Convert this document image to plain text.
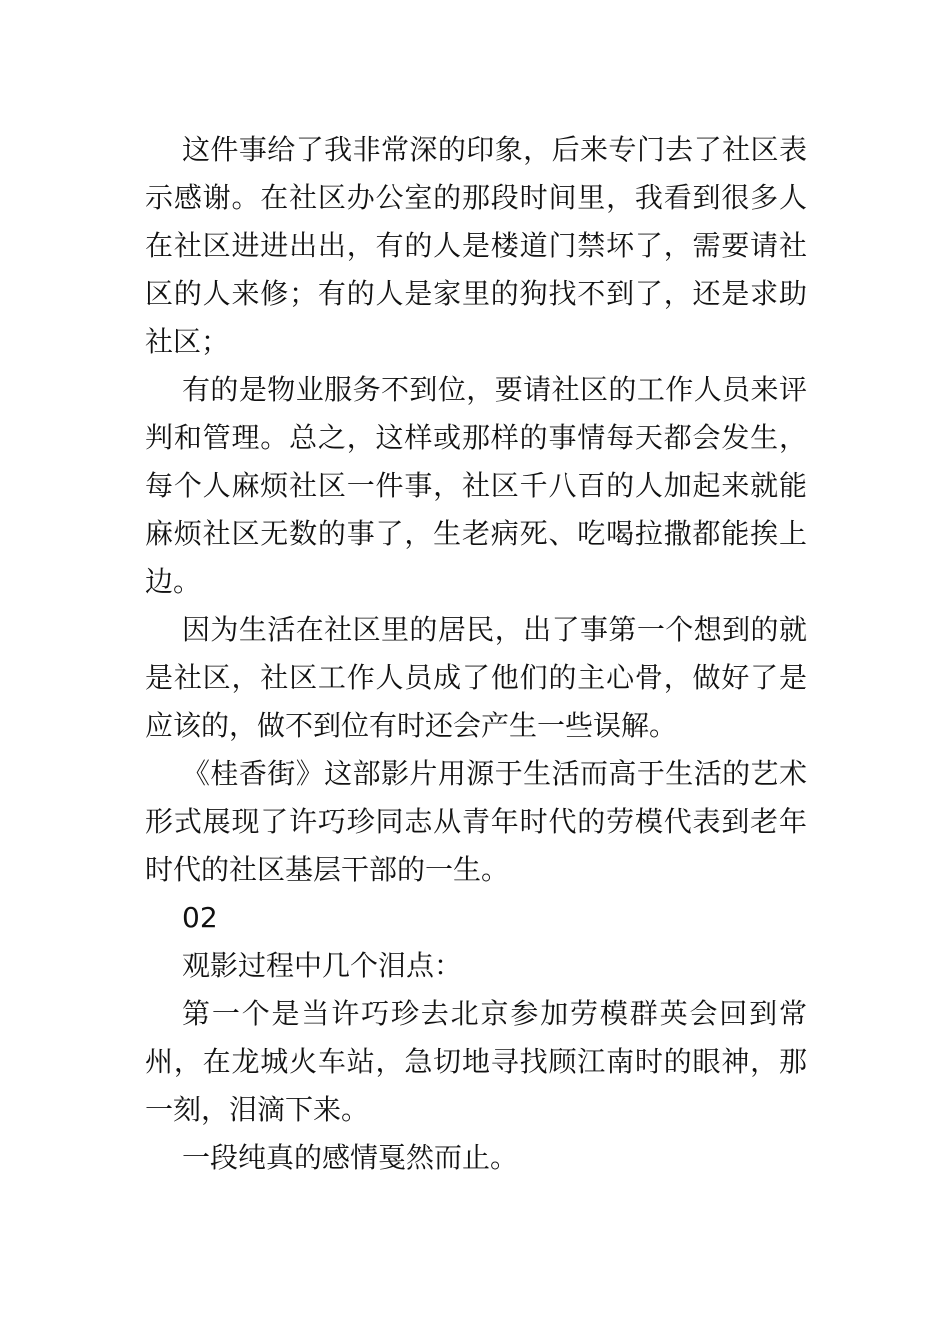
这件事给了我非常深的印象，后来专门去了社区表示感谢。在社区办公室的那段时间里，我看到很多人在社区进进出出，有的人是楼道门禁坏了，需要请社区的人来修；有的人是家里的狗找不到了，还是求助社区；

有的是物业服务不到位，要请社区的工作人员来评判和管理。总之，这样或那样的事情每天都会发生，每个人麻烦社区一件事，社区千八百的人加起来就能麻烦社区无数的事了，生老病死、吃喝拉撒都能挨上边。

因为生活在社区里的居民，出了事第一个想到的就是社区，社区工作人员成了他们的主心骨，做好了是应该的，做不到位有时还会产生一些误解。

《桂香街》这部影片用源于生活而高于生活的艺术形式展现了许巧珍同志从青年时代的劳模代表到老年时代的社区基层干部的一生。

02

观影过程中几个泪点：

第一个是当许巧珍去北京参加劳模群英会回到常州，在龙城火车站，急切地寻找顾江南时的眼神，那一刻，泪滴下来。

一段纯真的感情戛然而止。
